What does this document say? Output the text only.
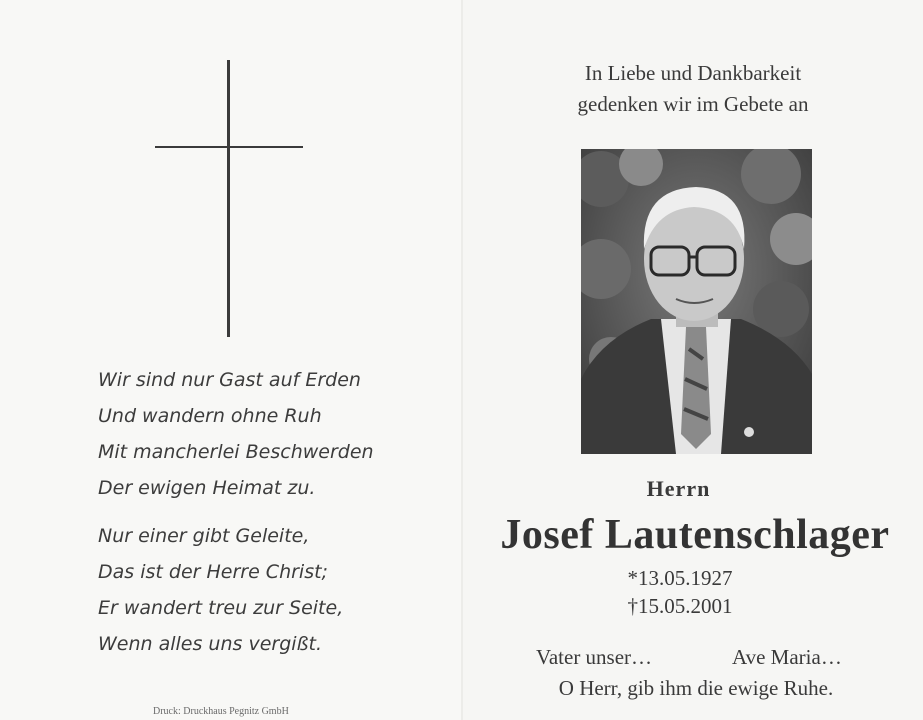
Wir sind nur Gast auf Erden
Und wandern ohne Ruh
Mit mancherlei Beschwerden
Der ewigen Heimat zu.
Nur einer gibt Geleite,
Das ist der Herre Christ;
Er wandert treu zur Seite,
Wenn alles uns vergißt.
Druck: Druckhaus Pegnitz GmbH
In Liebe und Dankbarkeit
gedenken wir im Gebete an
Herrn
Josef Lautenschlager
*13.05.1927
†15.05.2001
Vater unser…	Ave Maria…
O Herr, gib ihm die ewige Ruhe.
